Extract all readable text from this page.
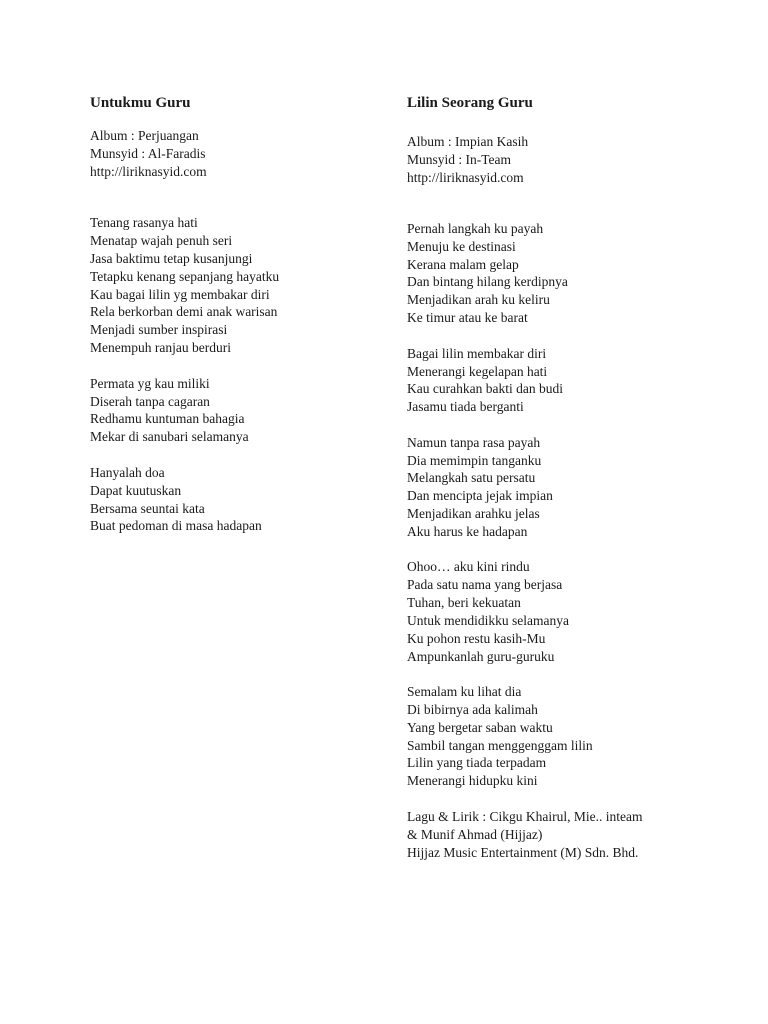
Untukmu Guru
Album : Perjuangan
Munsyid : Al-Faradis
http://liriknasyid.com
Tenang rasanya hati
Menatap wajah penuh seri
Jasa baktimu tetap kusanjungi
Tetapku kenang sepanjang hayatku
Kau bagai lilin yg membakar diri
Rela berkorban demi anak warisan
Menjadi sumber inspirasi
Menempuh ranjau berduri
Permata yg kau miliki
Diserah tanpa cagaran
Redhamu kuntuman bahagia
Mekar di sanubari selamanya
Hanyalah doa
Dapat kuutuskan
Bersama seuntai kata
Buat pedoman di masa hadapan
Lilin Seorang Guru
Album : Impian Kasih
Munsyid : In-Team
http://liriknasyid.com
Pernah langkah ku payah
Menuju ke destinasi
Kerana malam gelap
Dan bintang hilang kerdipnya
Menjadikan arah ku keliru
Ke timur atau ke barat
Bagai lilin membakar diri
Menerangi kegelapan hati
Kau curahkan bakti dan budi
Jasamu tiada berganti
Namun tanpa rasa payah
Dia memimpin tanganku
Melangkah satu persatu
Dan mencipta jejak impian
Menjadikan arahku jelas
Aku harus ke hadapan
Ohoo… aku kini rindu
Pada satu nama yang berjasa
Tuhan, beri kekuatan
Untuk mendidikku selamanya
Ku pohon restu kasih-Mu
Ampunkanlah guru-guruku
Semalam ku lihat dia
Di bibirnya ada kalimah
Yang bergetar saban waktu
Sambil tangan menggenggam lilin
Lilin yang tiada terpadam
Menerangi hidupku kini
Lagu & Lirik : Cikgu Khairul, Mie.. inteam
& Munif Ahmad (Hijjaz)
Hijjaz Music Entertainment (M) Sdn. Bhd.
